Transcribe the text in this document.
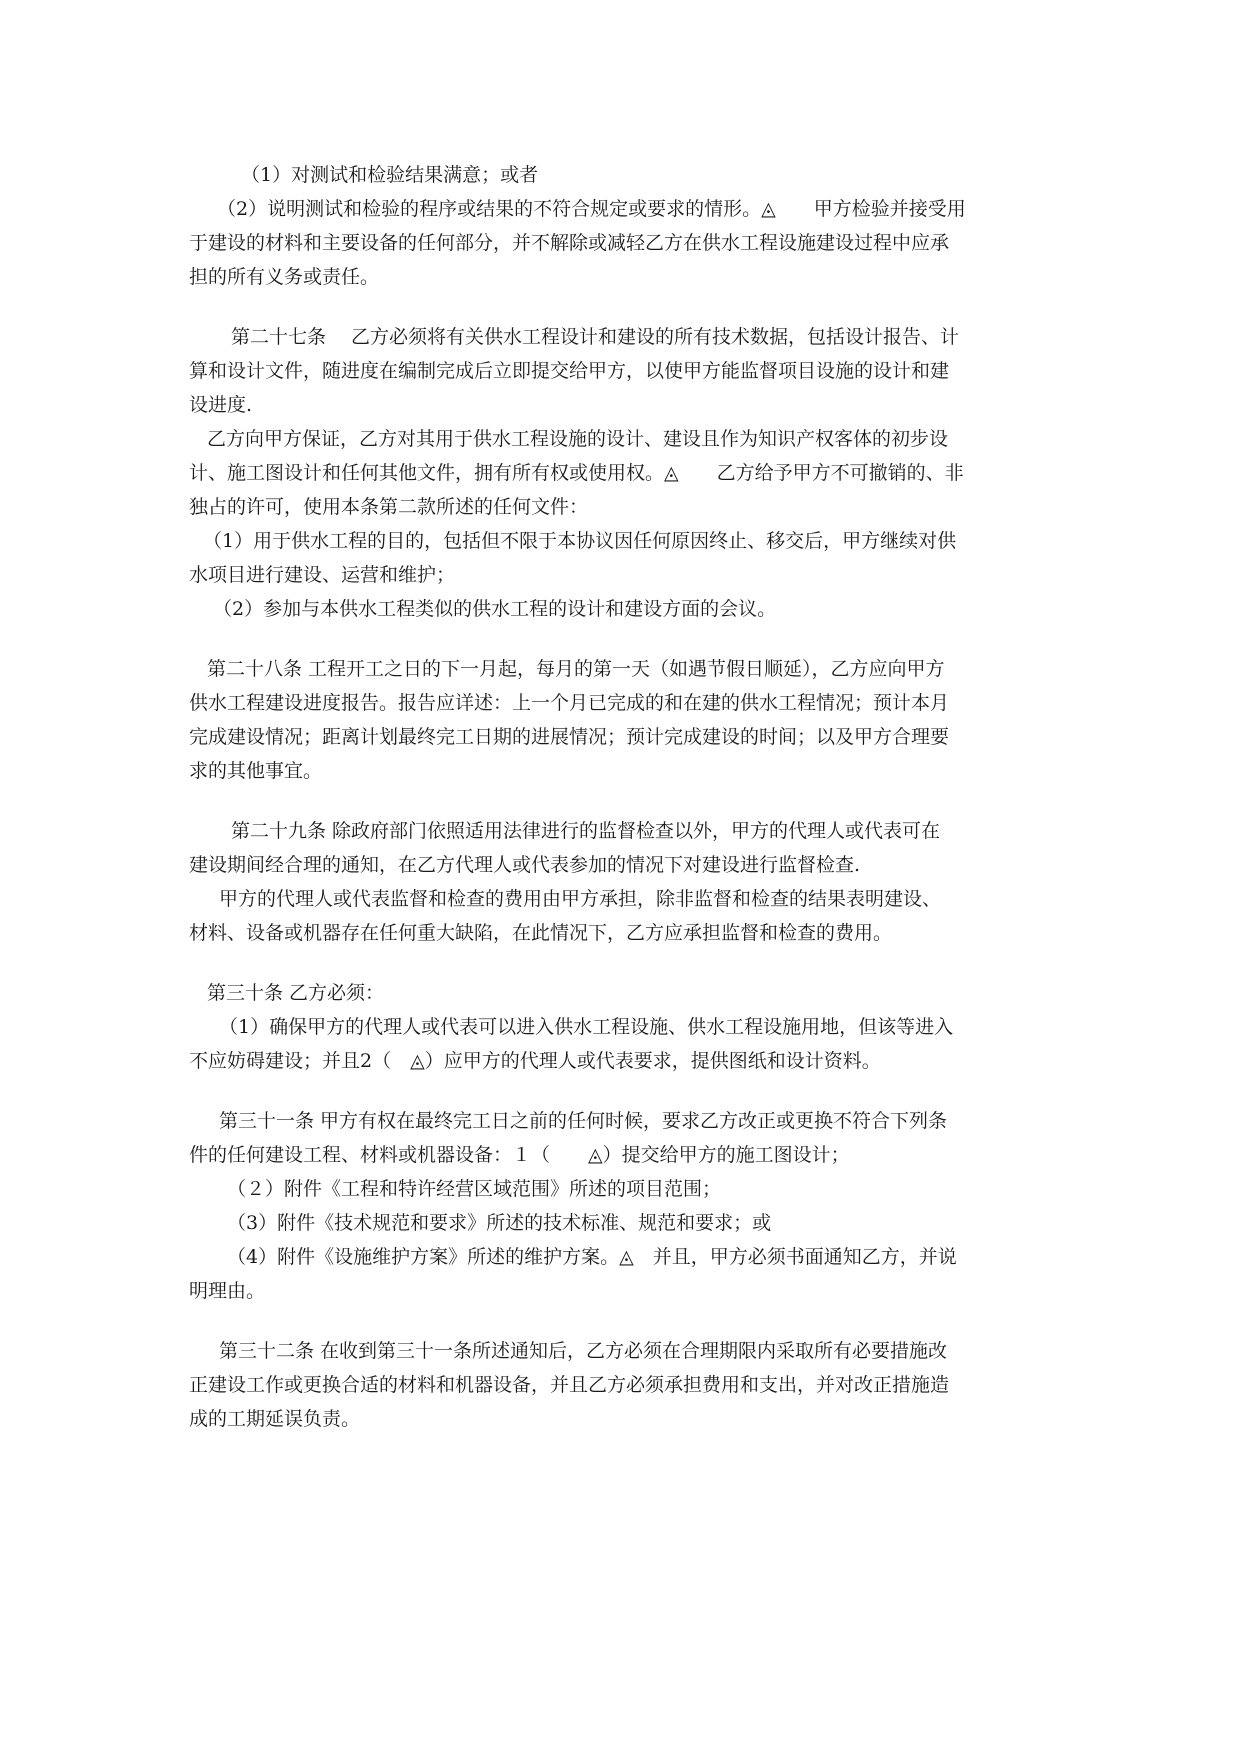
（1）对测试和检验结果满意；或者
（2）说明测试和检验的程序或结果的不符合规定或要求的情形。◬　　甲方检验并接受用
于建设的材料和主要设备的任何部分，并不解除或减轻乙方在供水工程设施建设过程中应承
担的所有义务或责任。
第二十七条　 乙方必须将有关供水工程设计和建设的所有技术数据，包括设计报告、计
算和设计文件，随进度在编制完成后立即提交给甲方，以使甲方能监督项目设施的设计和建
设进度.
乙方向甲方保证，乙方对其用于供水工程设施的设计、建设且作为知识产权客体的初步设
计、施工图设计和任何其他文件，拥有所有权或使用权。◬　　乙方给予甲方不可撤销的、非
独占的许可，使用本条第二款所述的任何文件：
（1）用于供水工程的目的，包括但不限于本协议因任何原因终止、移交后，甲方继续对供
水项目进行建设、运营和维护；
（2）参加与本供水工程类似的供水工程的设计和建设方面的会议。
第二十八条 工程开工之日的下一月起，每月的第一天（如遇节假日顺延），乙方应向甲方
供水工程建设进度报告。报告应详述：上一个月已完成的和在建的供水工程情况；预计本月
完成建设情况；距离计划最终完工日期的进展情况；预计完成建设的时间；以及甲方合理要
求的其他事宜。
第二十九条 除政府部门依照适用法律进行的监督检查以外，甲方的代理人或代表可在
建设期间经合理的通知，在乙方代理人或代表参加的情况下对建设进行监督检查.
甲方的代理人或代表监督和检查的费用由甲方承担，除非监督和检查的结果表明建设、
材料、设备或机器存在任何重大缺陷，在此情况下，乙方应承担监督和检查的费用。
第三十条 乙方必须：
（1）确保甲方的代理人或代表可以进入供水工程设施、供水工程设施用地，但该等进入
不应妨碍建设；并且2（　◬）应甲方的代理人或代表要求，提供图纸和设计资料。
第三十一条 甲方有权在最终完工日之前的任何时候，要求乙方改正或更换不符合下列条
件的任何建设工程、材料或机器设备：１（　　◬）提交给甲方的施工图设计；
（２）附件《工程和特许经营区域范围》所述的项目范围；
（3）附件《技术规范和要求》所述的技术标准、规范和要求；或
（4）附件《设施维护方案》所述的维护方案。◬　并且，甲方必须书面通知乙方，并说
明理由。
第三十二条 在收到第三十一条所述通知后，乙方必须在合理期限内采取所有必要措施改
正建设工作或更换合适的材料和机器设备，并且乙方必须承担费用和支出，并对改正措施造
成的工期延误负责。
